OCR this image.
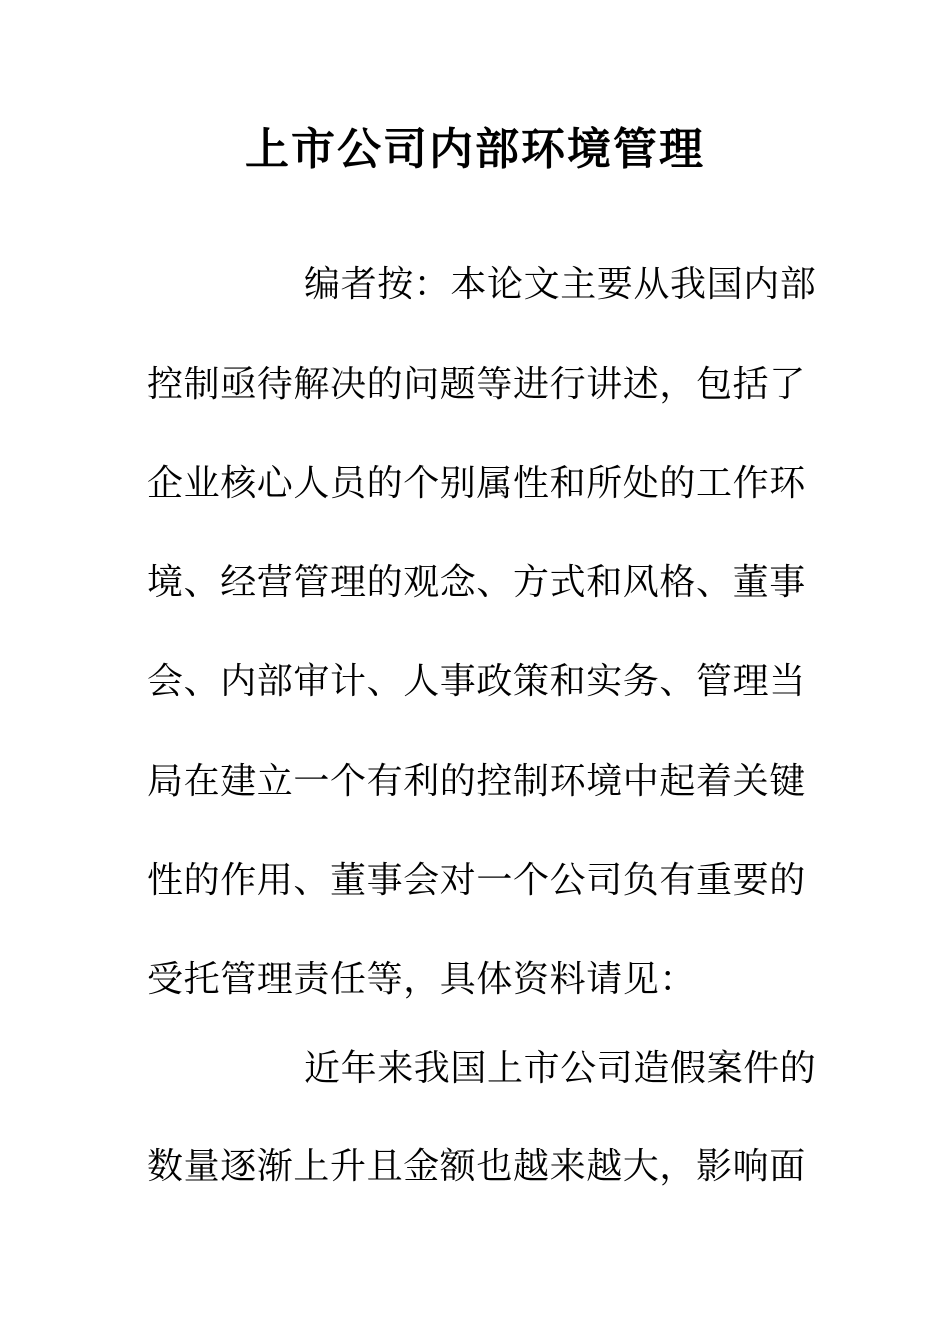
上市公司内部环境管理
编者按：本论文主要从我国内部
控制亟待解决的问题等进行讲述，包括了
企业核心人员的个别属性和所处的工作环
境、经营管理的观念、方式和风格、董事
会、内部审计、人事政策和实务、管理当
局在建立一个有利的控制环境中起着关键
性的作用、董事会对一个公司负有重要的
受托管理责任等，具体资料请见：
近年来我国上市公司造假案件的
数量逐渐上升且金额也越来越大，影响面
